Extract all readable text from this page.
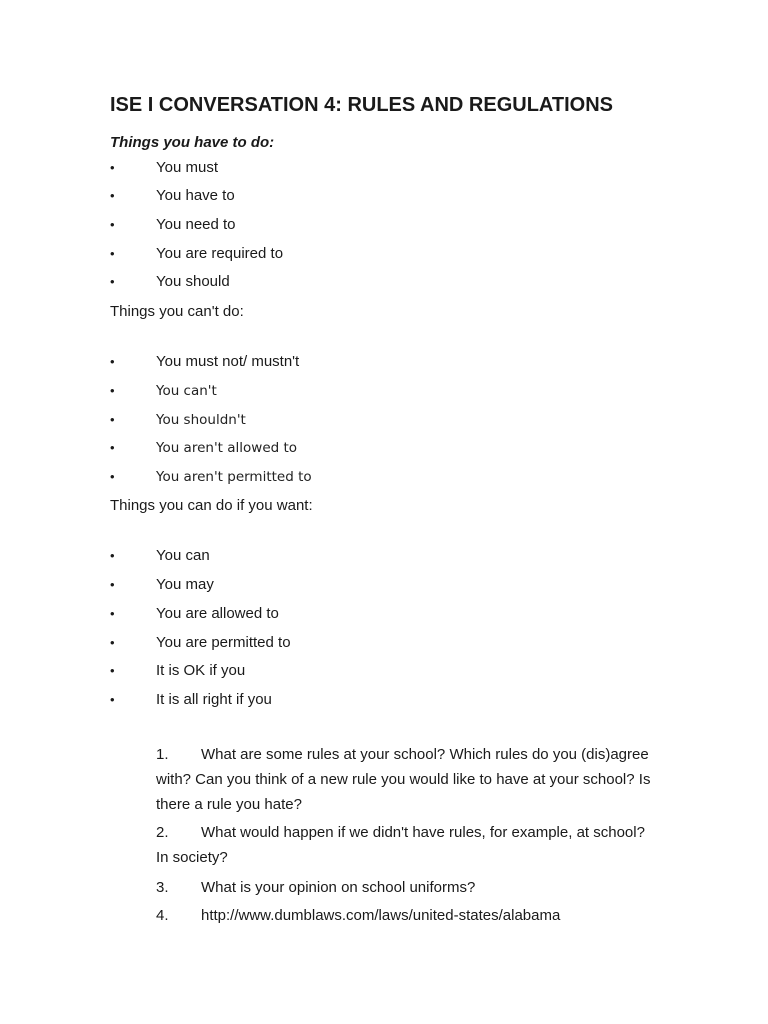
ISE I CONVERSATION 4: RULES AND REGULATIONS
Things you have to do:
•	You must
•	You have to
•	You need to
•	You are required to
•	You should
Things you can't do:
•	You must not/ mustn't
•	You can't
•	You shouldn't
•	You aren't allowed to
•	You aren't permitted to
Things you can do if you want:
•	You can
•	You may
•	You are allowed to
•	You are permitted to
•	It is OK if you
•	It is all right if you
1.	What are some rules at your school? Which rules do you (dis)agree with? Can you think of a new rule you would like to have at your school? Is there a rule you hate?
2.	What would happen if we didn't have rules, for example, at school? In society?
3.	What is your opinion on school uniforms?
4.	http://www.dumblaws.com/laws/united-states/alabama
